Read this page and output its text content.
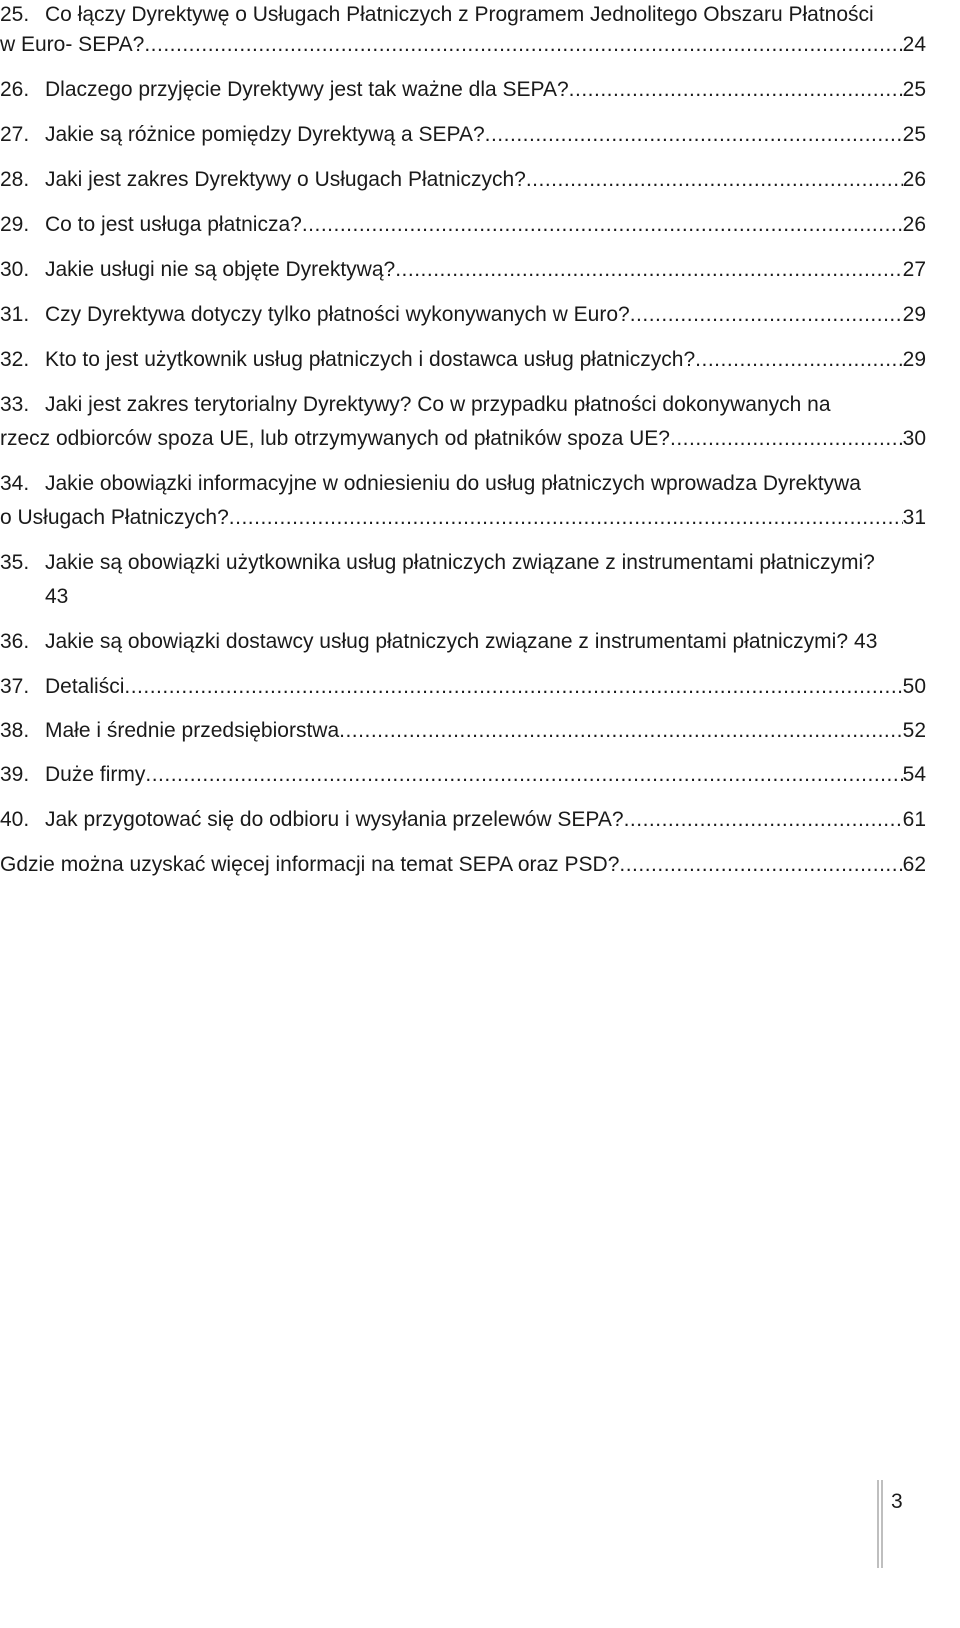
25. Co łączy Dyrektywę o Usługach Płatniczych z Programem Jednolitego Obszaru Płatności
w Euro- SEPA? .....	24
26. Dlaczego przyjęcie Dyrektywy jest tak ważne dla SEPA? .....	25
27. Jakie są różnice pomiędzy Dyrektywą a SEPA? .....	25
28. Jaki jest zakres Dyrektywy o Usługach Płatniczych? .....	26
29. Co to jest usługa płatnicza? .....	26
30. Jakie usługi nie są objęte Dyrektywą? .....	27
31. Czy Dyrektywa dotyczy tylko płatności wykonywanych w Euro? .....	29
32. Kto to jest użytkownik usług płatniczych i dostawca usług płatniczych? .....	29
33. Jaki jest zakres terytorialny Dyrektywy? Co w przypadku płatności dokonywanych na
rzecz odbiorców spoza UE, lub otrzymywanych od płatników spoza UE? .....	30
34. Jakie obowiązki informacyjne w odniesieniu do usług płatniczych wprowadza Dyrektywa
o Usługach Płatniczych? .....	31
35. Jakie są obowiązki użytkownika usług płatniczych związane z instrumentami płatniczymi?
43
36. Jakie są obowiązki dostawcy usług płatniczych związane z instrumentami płatniczymi? 43
37. Detaliści .....	50
38. Małe i średnie przedsiębiorstwa .....	52
39. Duże firmy .....	54
40. Jak przygotować się do odbioru i wysyłania przelewów SEPA? .....	61
Gdzie można uzyskać więcej informacji na temat SEPA oraz PSD? .....	62
3
